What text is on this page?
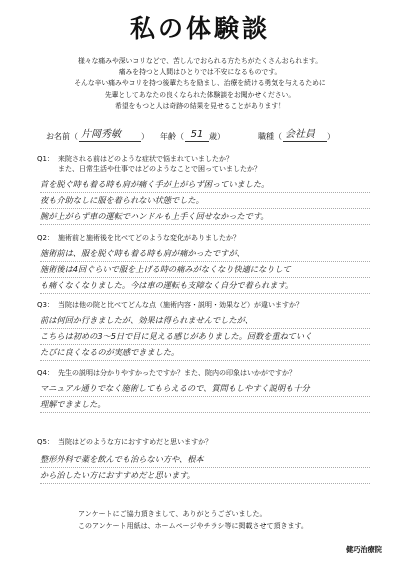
私の体験談
様々な痛みや深いコリなどで、苦しんでおられる方たちがたくさんおられます。
痛みを持つと人間はひとりでは不安になるものです。
そんな辛い痛みやコリを持つ後輩たちを励まし、治療を続ける勇気を与えるために
先輩としてあなたの良くなられた体験談をお聞かせください。
希望をもつと人は奇跡の結果を見せることがあります！
お名前（ 片岡秀敏	） 年齢（ 51 歳）	職種（ 会社員	）
Q1： 来院される前はどのような症状で悩まれていましたか？
また、日常生活や仕事ではどのようなことで困っていましたか？
首を脱ぐ時も着る時も肩が痛く手が上がらず困っていました。
夜も介助なしに服を着られない状態でした。
腕が上がらず車の運転でハンドルも上手く回せなかったです。
Q2： 施術前と施術後を比べてどのような変化がありましたか？
施術前は、服を脱ぐ時も着る時も肩が痛かったですが、
施術後は4回ぐらいで服を上げる時の痛みがなくなり快適になりして
も痛くなくなりました。今は車の運転も支障なく自分で着られます。
Q3： 当院は他の院と比べてどんな点（施術内容・説明・効果など）が違いますか？
前は何回か行きましたが、効果は得られませんでしたが、
こちらは初めの3〜5日で目に見える感じがありました。回数を重ねていく
たびに良くなるのが実感できました。
Q4： 先生の説明は分かりやすかったですか？また、院内の印象はいかがですか？
マニュアル通りでなく施術してもらえるので、質問もしやすく説明も十分
理解できました。
Q5： 当院はどのような方におすすめだと思いますか？
整形外科で薬を飲んでも治らない方や、根本
から治したい方におすすめだと思います。
アンケートにご協力頂きまして、ありがとうございました。
このアンケート用紙は、ホームページやチラシ等に掲載させて頂きます。
健巧治療院
